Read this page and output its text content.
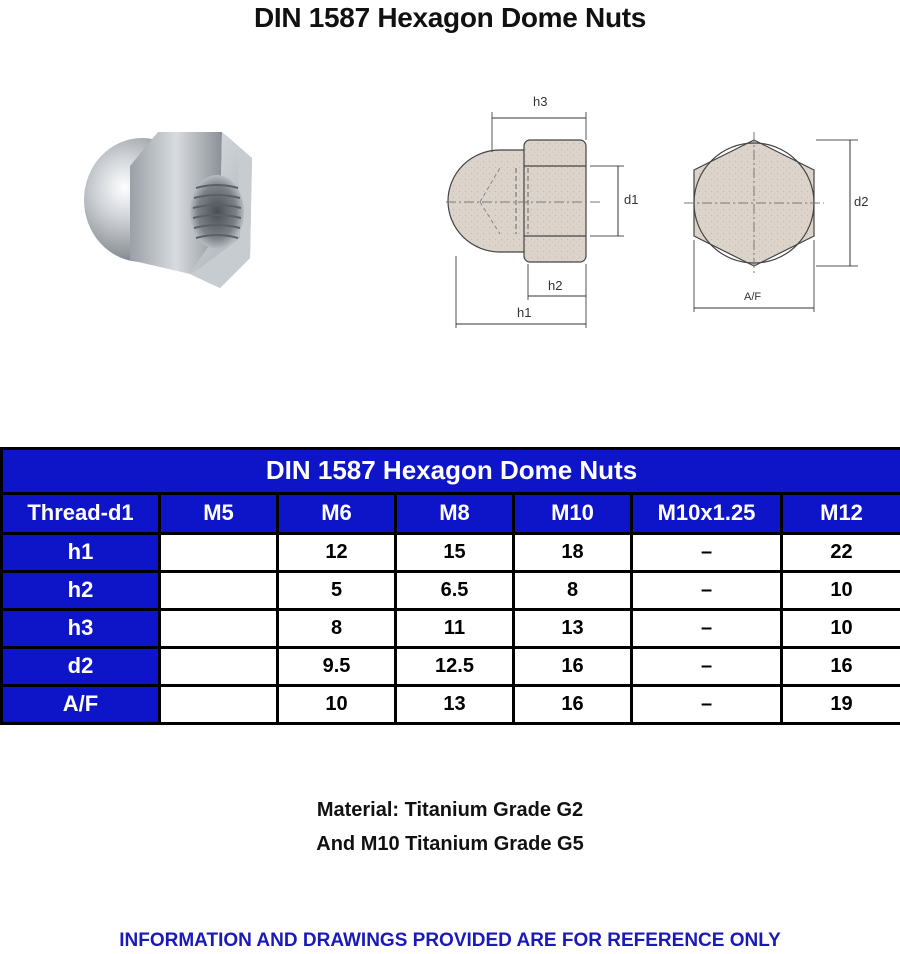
DIN 1587 Hexagon Dome Nuts
h3
d1
h2
h1
d2
A/F
DIN 1587 Hexagon Dome Nuts						
Thread-d1	M5	M6	M8	M10	M10x1.25	M12
h1		12	15	18	–	22
h2		5	6.5	8	–	10
h3		8	11	13	–	10
d2		9.5	12.5	16	–	16
A/F		10	13	16	–	19
Material: Titanium Grade G2
And M10 Titanium Grade G5
INFORMATION AND DRAWINGS PROVIDED ARE FOR REFERENCE ONLY
